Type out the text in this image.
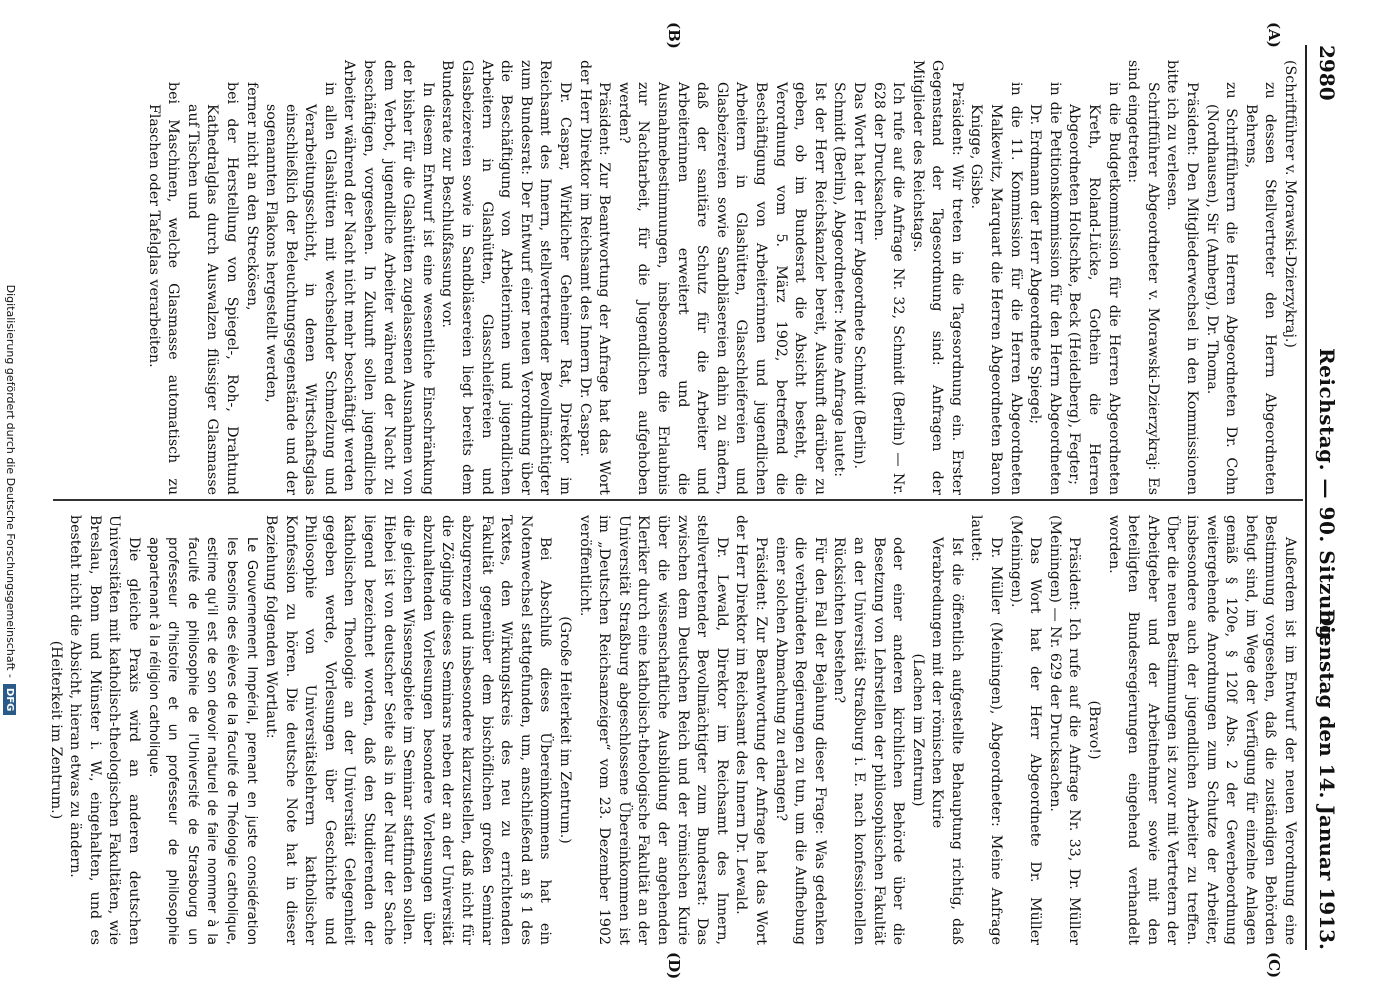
2980
Reichstag. — 90. Sitzung.
Dienstag den 14. Januar 1913.
(A)
(B)
(C)
(D)

(Schriftführer v. Morawski-Dzierzykraj.)

zu dessen Stellvertreter den Herrn Abgeordneten Behrens,

zu Schriftführern die Herren Abgeordneten Dr. Cohn (Nordhausen), Sir (Amberg), Dr. Thoma.

Präsident: Den Mitgliederwechsel in den Kommissionen bitte ich zu verlesen.

Schriftführer Abgeordneter v. Morawski-Dzierzykraj: Es sind eingetreten:

in die Budgetkommission für die Herren Abgeordneten Kreth, Roland-Lücke, Gothein die Herren Abgeordneten Holtschke, Beck (Heidelberg), Fegter;

in die Petitionskommission für den Herrn Abgeordneten Dr. Erdmann der Herr Abgeordnete Spiegel;

in die 11. Kommission für die Herren Abgeordneten Malkewitz, Marquart die Herren Abgeordneten Baron Knigge, Gisbe.

Präsident: Wir treten in die Tagesordnung ein. Erster Gegenstand der Tagesordnung sind: Anfragen der Mitglieder des Reichstags.

Ich rufe auf die Anfrage Nr. 32, Schmidt (Berlin) — Nr. 628 der Drucksachen.

Das Wort hat der Herr Abgeordnete Schmidt (Berlin).

Schmidt (Berlin), Abgeordneter: Meine Anfrage lautet:

Ist der Herr Reichskanzler bereit, Auskunft darüber zu geben, ob im Bundesrat die Absicht besteht, die Verordnung vom 5. März 1902, betreffend die Beschäftigung von Arbeiterinnen und jugendlichen Arbeitern in Glashütten, Glasschleifereien und Glasbeizereien sowie Sandbläsereien dahin zu ändern, daß der sanitäre Schutz für die Arbeiter und Arbeiterinnen erweitert und die Ausnahmebestimmungen, insbesondere die Erlaubnis zur Nachtarbeit, für die Jugendlichen aufgehoben werden?

Präsident: Zur Beantwortung der Anfrage hat das Wort der Herr Direktor im Reichsamt des Innern Dr. Caspar.

Dr. Caspar, Wirklicher Geheimer Rat, Direktor im Reichsamt des Innern, stellvertretender Bevollmächtigter zum Bundesrat: Der Entwurf einer neuen Verordnung über die Beschäftigung von Arbeiterinnen und jugendlichen Arbeitern in Glashütten, Glasschleifereien und Glasbeizereien sowie in Sandbläsereien liegt bereits dem Bundesrate zur Beschlußfassung vor.

In diesem Entwurf ist eine wesentliche Einschränkung der bisher für die Glashütten zugelassenen Ausnahmen von dem Verbot, jugendliche Arbeiter während der Nacht zu beschäftigen, vorgesehen. In Zukunft sollen jugendliche Arbeiter während der Nacht nicht mehr beschäftigt werden

in allen Glashütten mit wechselnder Schmelzung und Verarbeitungsschicht, in denen Wirtschaftsglas einschließlich der Beleuchtungsgegenstände und der sogenannten Flakons hergestellt werden,

ferner nicht an den Streckösen,

bei der Herstellung von Spiegel-, Roh-, Drahtund Kathedralglas durch Auswalzen flüssiger Glasmasse auf Tischen und

bei Maschinen, welche Glasmasse automatisch zu Flaschen oder Tafelglas verarbeiten.

Außerdem ist im Entwurf der neuen Verordnung eine Bestimmung vorgesehen, daß die zuständigen Behörden befugt sind, im Wege der Verfügung für einzelne Anlagen gemäß § 120e, § 120f Abs. 2 der Gewerbeordnung weitergehende Anordnungen zum Schutze der Arbeiter, insbesondere auch der jugendlichen Arbeiter zu treffen. Über die neuen Bestimmungen ist zuvor mit Vertretern der Arbeitgeber und der Arbeitnehmer sowie mit den beteiligten Bundesregierungen eingehend verhandelt worden.

(Bravo!)

Präsident: Ich rufe auf die Anfrage Nr. 33, Dr. Müller (Meiningen) — Nr. 629 der Drucksachen.

Das Wort hat der Herr Abgeordnete Dr. Müller (Meiningen).

Dr. Müller (Meiningen), Abgeordneter: Meine Anfrage lautet:

Ist die öffentlich aufgestellte Behauptung richtig, daß Verabredungen mit der römischen Kurie

(Lachen im Zentrum)

oder einer anderen kirchlichen Behörde über die Besetzung von Lehrstellen der philosophischen Fakultät an der Universität Straßburg i. E. nach konfessionellen Rücksichten bestehen?

Für den Fall der Bejahung dieser Frage: Was gedenken die verbündeten Regierungen zu tun, um die Aufhebung einer solchen Abmachung zu erlangen?

Präsident: Zur Beantwortung der Anfrage hat das Wort der Herr Direktor im Reichsamt des Innern Dr. Lewald.

Dr. Lewald, Direktor im Reichsamt des Innern, stellvertretender Bevollmächtigter zum Bundesrat: Das zwischen dem Deutschen Reich und der römischen Kurie über die wissenschaftliche Ausbildung der angehenden Kleriker durch eine katholisch-theologische Fakultät an der Universität Straßburg abgeschlossene Übereinkommen ist im „Deutschen Reichsanzeiger“ vom 23. Dezember 1902 veröffentlicht.

(Große Heiterkeit im Zentrum.)

Bei Abschluß dieses Übereinkommens hat ein Notenwechsel stattgefunden, um, anschließend an § 1 des Textes, den Wirkungskreis des neu zu errichtenden Fakultät gegenüber dem bischöflichen großen Seminar abzugrenzen und insbesondere klarzustellen, daß nicht für die Zöglinge dieses Seminars neben der an der Universität abzuhaltenden Vorlesungen besondere Vorlesungen über die gleichen Wissensgebiete im Seminar stattfinden sollen. Hiebei ist von deutscher Seite als in der Natur der Sache liegend bezeichnet worden, daß den Studierenden der katholischen Theologie an der Universität Gelegenheit gegeben werde, Vorlesungen über Geschichte und Philosophie von Universitätslehrern katholischer Konfession zu hören. Die deutsche Note hat in dieser Beziehung folgenden Wortlaut:

Le Gouvernement Impérial, prenant en juste considération les besoins des élèves de la faculté de Théologie catholique, estime qu'il est de son devoir naturel de faire nommer à la faculté de philosophie de l'Université de Strasbourg un professeur d'histoire et un professeur de philosophie appartenant à la réligion catholique.

Die gleiche Praxis wird an anderen deutschen Universitäten mit katholisch-theologischen Fakultäten, wie Breslau, Bonn und Münster i. W., eingehalten, und es besteht nicht die Absicht, hieran etwas zu ändern.

(Heiterkeit im Zentrum.)

Digitalisierung gefördert durch die Deutsche Forschungsgemeinschaft -DFG
